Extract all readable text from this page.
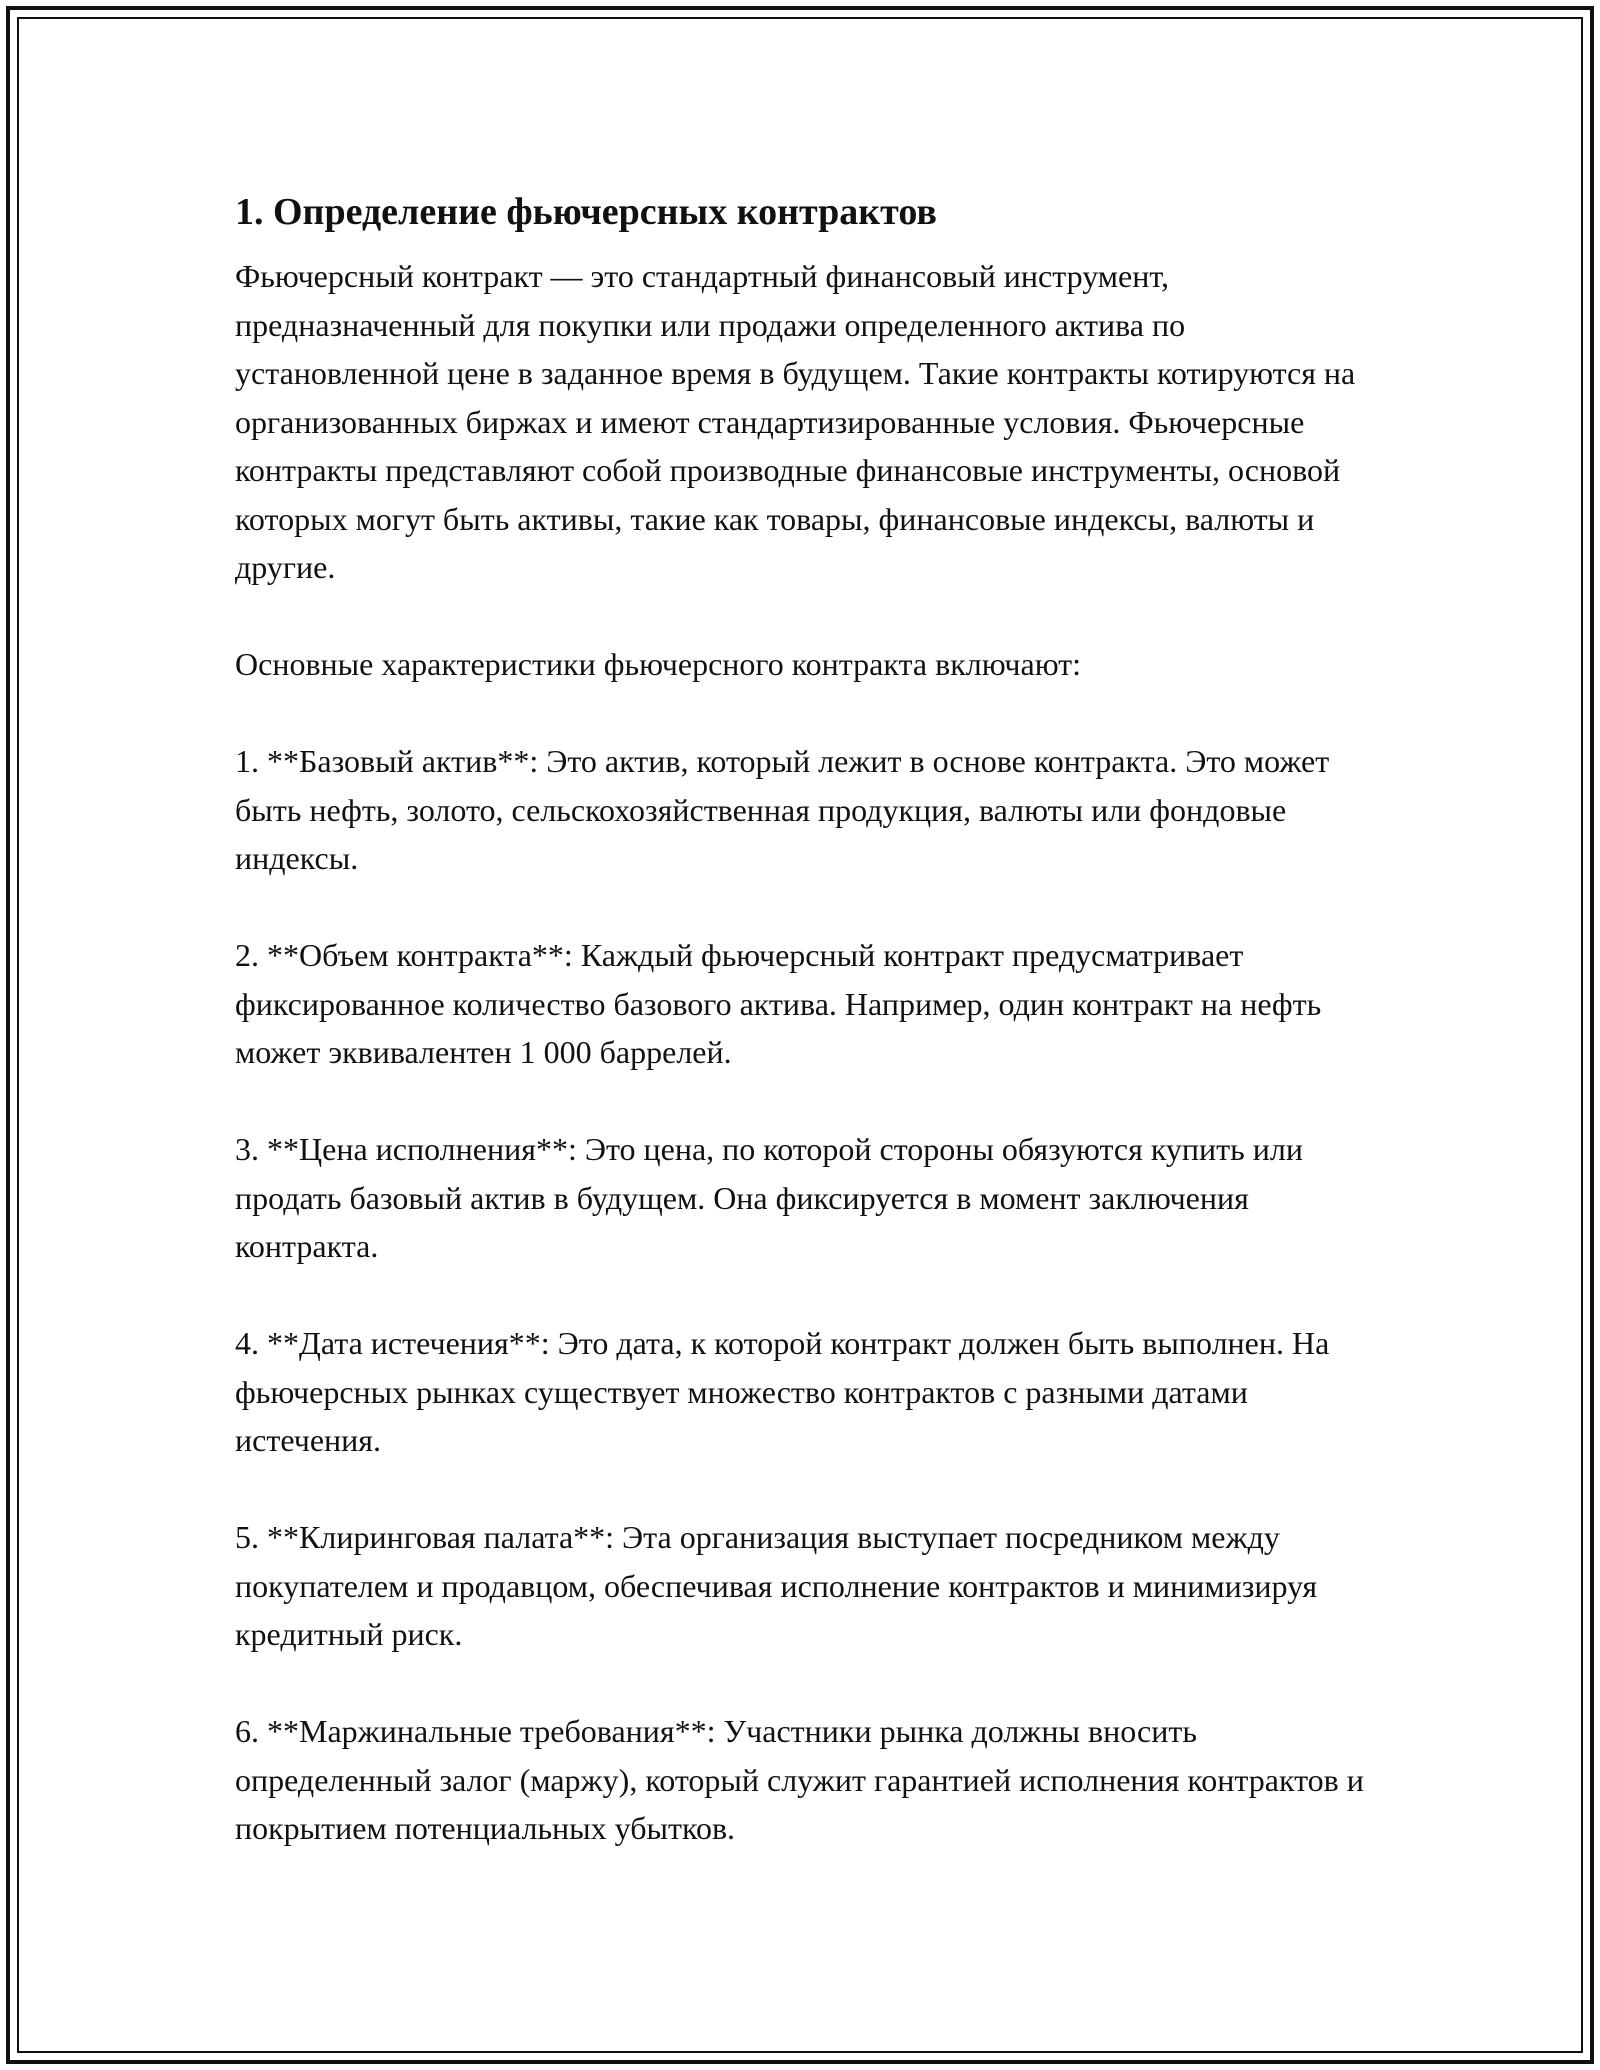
1. Определение фьючерсных контрактов

Фьючерсный контракт — это стандартный финансовый инструмент, предназначенный для покупки или продажи определенного актива по установленной цене в заданное время в будущем. Такие контракты котируются на организованных биржах и имеют стандартизированные условия. Фьючерсные контракты представляют собой производные финансовые инструменты, основой которых могут быть активы, такие как товары, финансовые индексы, валюты и другие.

Основные характеристики фьючерсного контракта включают:

1. **Базовый актив**: Это актив, который лежит в основе контракта. Это может быть нефть, золото, сельскохозяйственная продукция, валюты или фондовые индексы.

2. **Объем контракта**: Каждый фьючерсный контракт предусматривает фиксированное количество базового актива. Например, один контракт на нефть может эквивалентен 1 000 баррелей.

3. **Цена исполнения**: Это цена, по которой стороны обязуются купить или продать базовый актив в будущем. Она фиксируется в момент заключения контракта.

4. **Дата истечения**: Это дата, к которой контракт должен быть выполнен. На фьючерсных рынках существует множество контрактов с разными датами истечения.

5. **Клиринговая палата**: Эта организация выступает посредником между покупателем и продавцом, обеспечивая исполнение контрактов и минимизируя кредитный риск.

6. **Маржинальные требования**: Участники рынка должны вносить определенный залог (маржу), который служит гарантией исполнения контрактов и покрытием потенциальных убытков.
